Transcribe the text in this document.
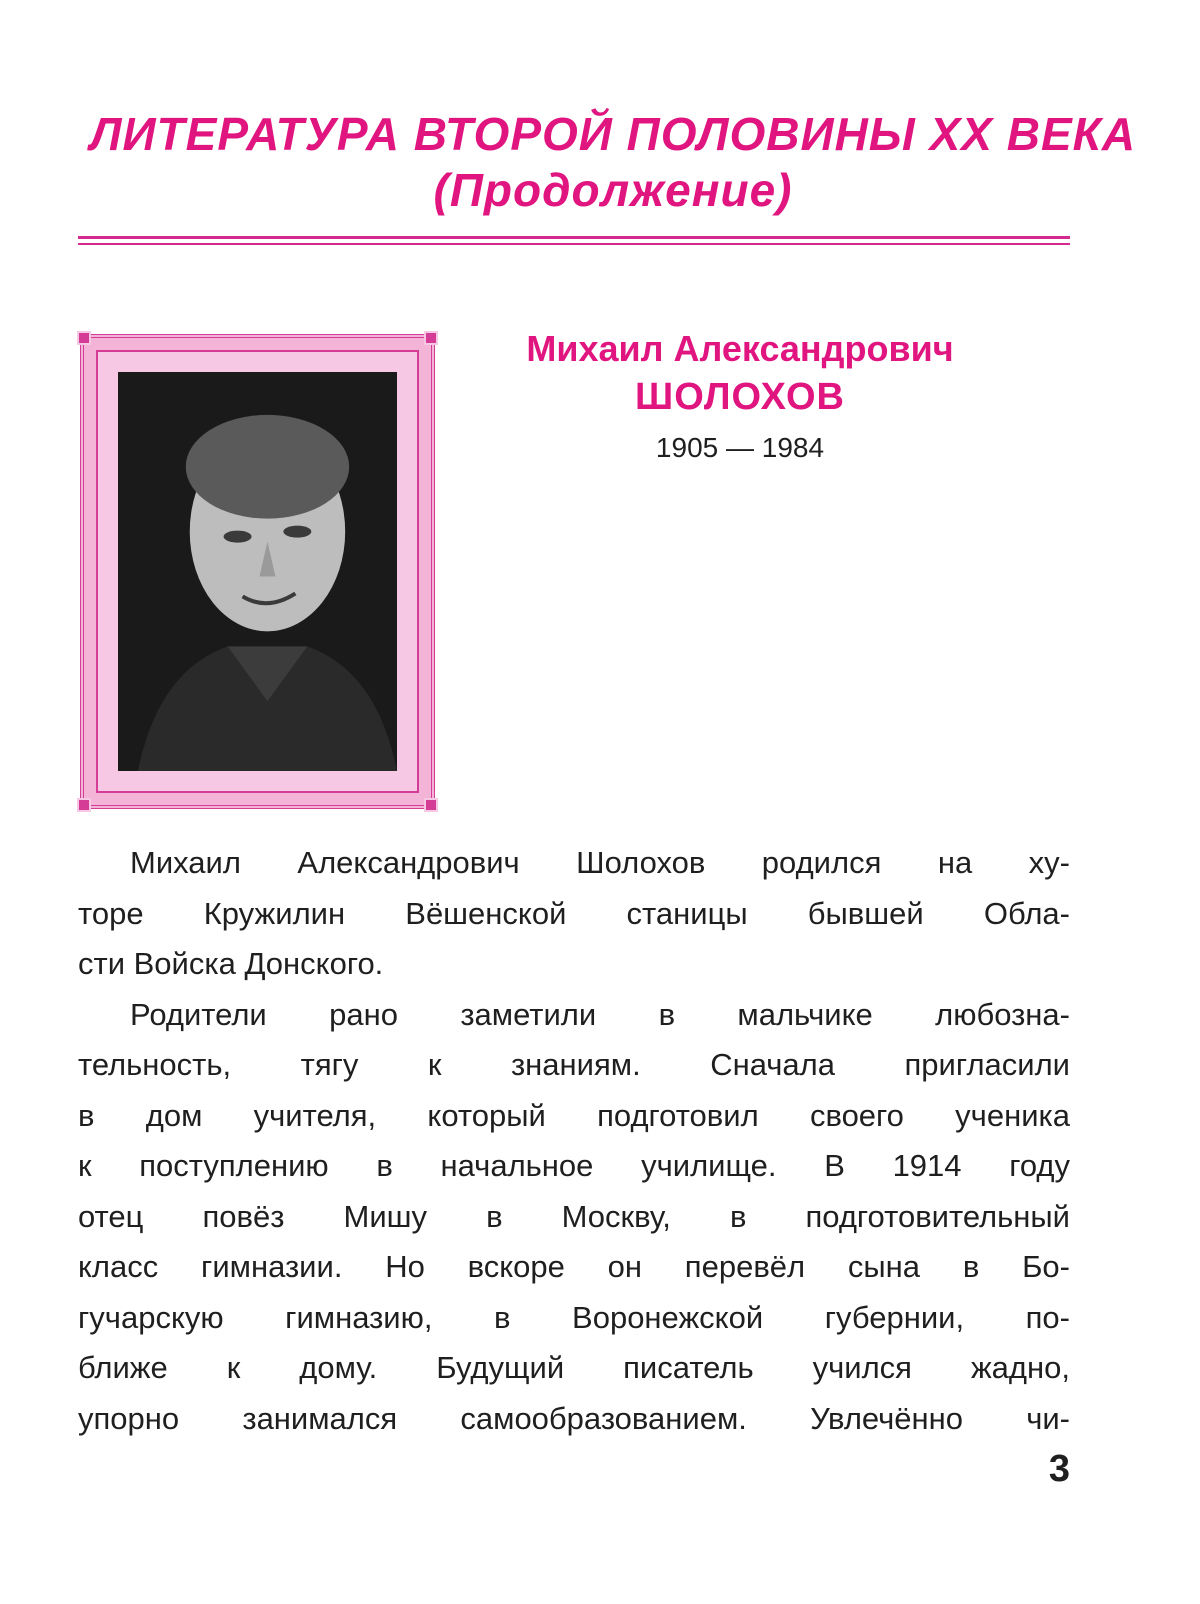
ЛИТЕРАТУРА ВТОРОЙ ПОЛОВИНЫ XX ВЕКА
(Продолжение)
Михаил Александрович
ШОЛОХОВ
1905 — 1984
Михаил Александрович Шолохов родился на ху-
торе Кружилин Вёшенской станицы бывшей Обла-
сти Войска Донского.
Родители рано заметили в мальчике любозна-
тельность, тягу к знаниям. Сначала пригласили
в дом учителя, который подготовил своего ученика
к поступлению в начальное училище. В 1914 году
отец повёз Мишу в Москву, в подготовительный
класс гимназии. Но вскоре он перевёл сына в Бо-
гучарскую гимназию, в Воронежской губернии, по-
ближе к дому. Будущий писатель учился жадно,
упорно занимался самообразованием. Увлечённо чи-
3
